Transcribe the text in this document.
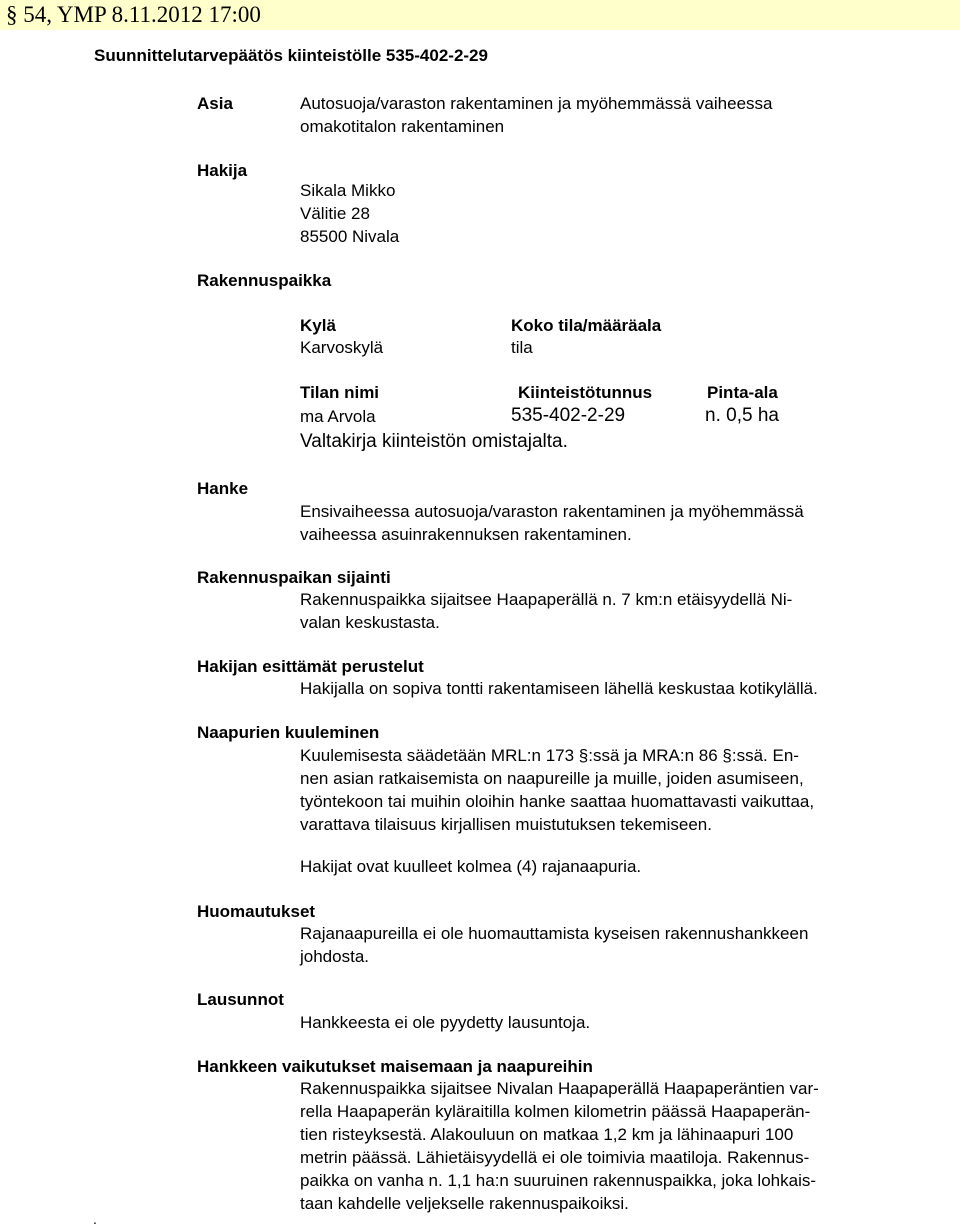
§ 54, YMP 8.11.2012 17:00
Suunnittelutarvepäätös kiinteistölle 535-402-2-29
Asia	Autosuoja/varaston rakentaminen ja myöhemmässä vaiheessa

omakotitalon rakentaminen

Hakija

Sikala Mikko

Välitie 28

85500 Nivala

Rakennuspaikka
Kylä
Karvoskylä
Koko tila/määräala
tila
Tilan nimi
ma Arvola
Kiinteistötunnus
535-402-2-29
Pinta-ala
n. 0,5 ha
Valtakirja kiinteistön omistajalta.
Hanke

Ensivaiheessa autosuoja/varaston rakentaminen ja myöhemmässä

vaiheessa asuinrakennuksen rakentaminen.

Rakennuspaikan sijainti

Rakennuspaikka sijaitsee Haapaperällä n. 7 km:n etäisyydellä Ni-

valan keskustasta.

Hakijan esittämät perustelut

Hakijalla on sopiva tontti rakentamiseen lähellä keskustaa kotikylällä.

Naapurien kuuleminen

Kuulemisesta säädetään MRL:n 173 §:ssä ja MRA:n 86 §:ssä. En-

nen asian ratkaisemista on naapureille ja muille, joiden asumiseen,

työntekoon tai muihin oloihin hanke saattaa huomattavasti vaikuttaa,

varattava tilaisuus kirjallisen muistutuksen tekemiseen.

Hakijat ovat kuulleet kolmea (4) rajanaapuria.
Huomautukset

Rajanaapureilla ei ole huomauttamista kyseisen rakennushankkeen

johdosta.

Lausunnot

Hankkeesta ei ole pyydetty lausuntoja.

Hankkeen vaikutukset maisemaan ja naapureihin

Rakennuspaikka sijaitsee Nivalan Haapaperällä Haapaperäntien var-

rella Haapaperän kyläraitilla kolmen kilometrin päässä Haapaperän-

tien risteyksestä. Alakouluun on matkaa 1,2 km ja lähinaapuri 100

metrin päässä. Lähietäisyydellä ei ole toimivia maatiloja. Rakennus-

paikka on vanha n. 1,1 ha:n suuruinen rakennuspaikka, joka lohkais-

taan kahdelle veljekselle rakennuspaikoiksi.

.
